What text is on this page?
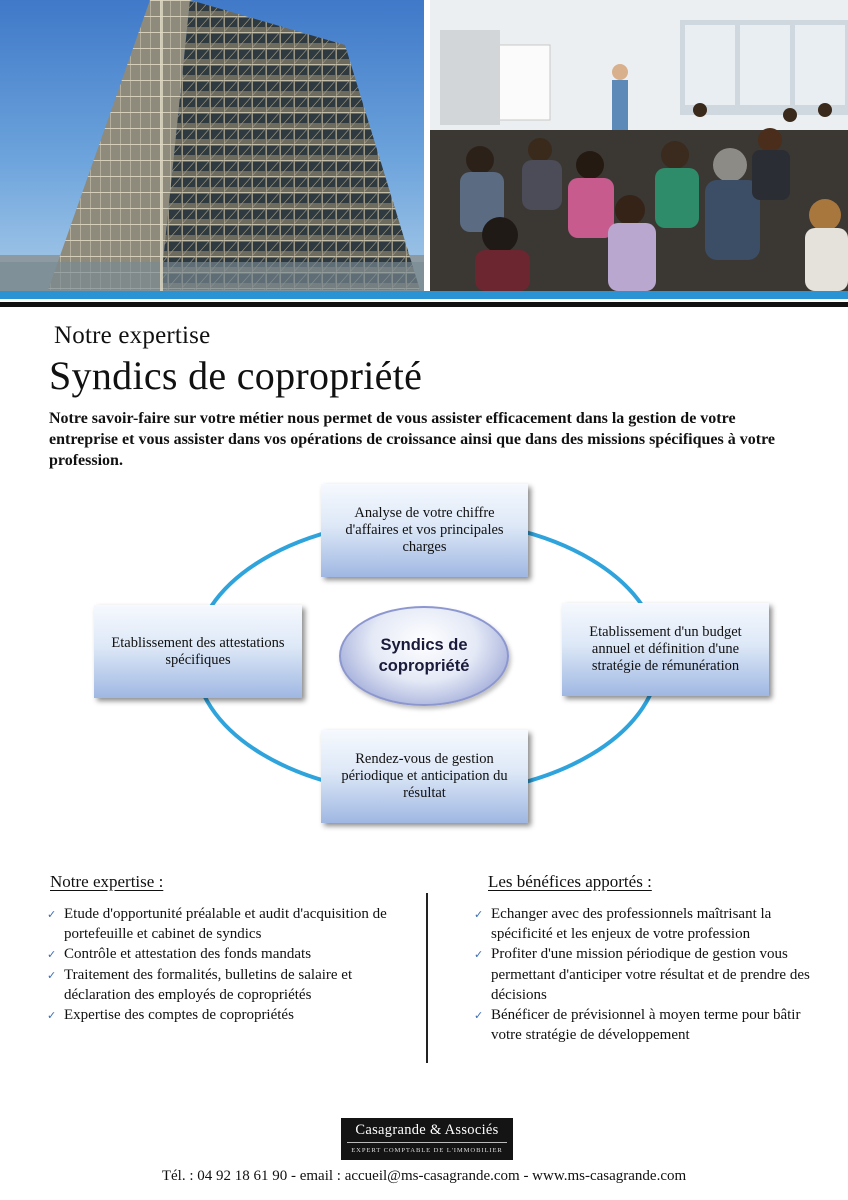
Notre expertise
Syndics de copropriété

Notre savoir-faire sur votre métier nous permet de vous assister efficacement dans la gestion de votre entreprise et vous assister dans vos opérations de croissance ainsi que dans des missions spécifiques à votre profession.

Analyse de votre chiffre d'affaires et vos principales charges
Etablissement d'un budget annuel et définition d'une stratégie de rémunération
Rendez-vous de gestion périodique et anticipation du résultat
Etablissement des attestations spécifiques
Syndics de copropriété
Notre expertise :
✓ Etude d'opportunité préalable et audit d'acquisition de portefeuille et cabinet de syndics
✓ Contrôle et attestation des fonds mandats
✓ Traitement des formalités, bulletins de salaire et déclaration des employés de copropriétés
✓ Expertise des comptes de copropriétés
Les bénéfices apportés :
✓ Echanger avec des professionnels maîtrisant la spécificité et les enjeux de votre profession
✓ Profiter d'une mission périodique de gestion vous permettant d'anticiper votre résultat et de prendre des décisions
✓ Bénéficer de prévisionnel à moyen terme pour bâtir votre stratégie de développement
Casagrande & Associés
EXPERT COMPTABLE DE L'IMMOBILIER
Tél. : 04 92 18 61 90 - email : accueil@ms-casagrande.com - www.ms-casagrande.com
